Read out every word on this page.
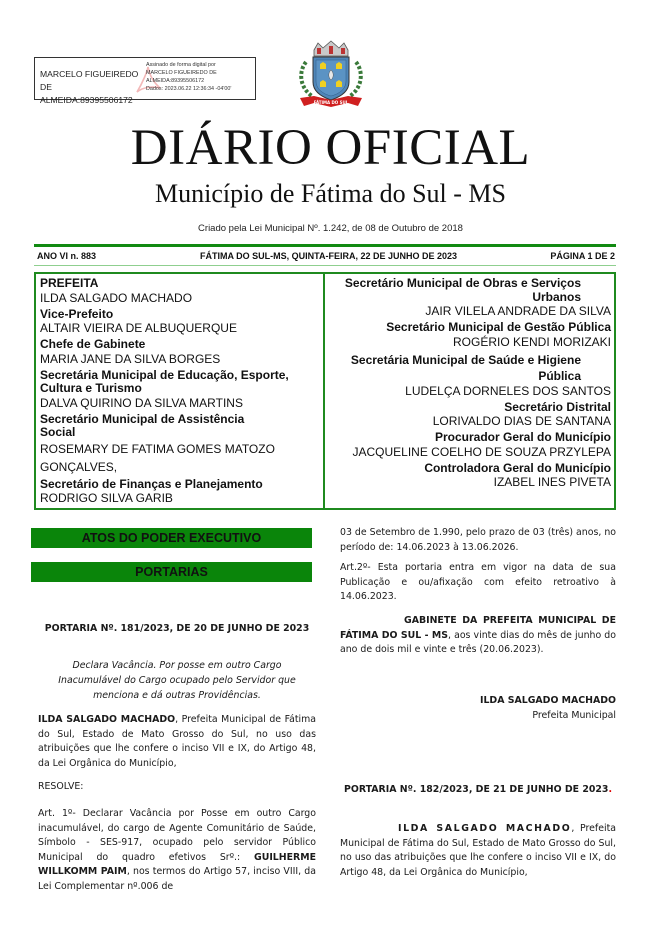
MARCELO FIGUEIREDO DE
ALMEIDA:89395506172
Assinado de forma digital por
MARCELO FIGUEIREDO DE
ALMEIDA:89395506172
Dados: 2023.06.22 12:36:34 -04'00'
FÁTIMA DO SUL
DIÁRIO OFICIAL
Município de Fátima do Sul - MS
Criado pela Lei Municipal Nº. 1.242, de 08 de Outubro de 2018
ANO VI n. 883	FÁTIMA DO SUL-MS, QUINTA-FEIRA, 22 DE JUNHO DE 2023	PÁGINA 1 DE 2
PREFEITA
ILDA SALGADO MACHADO
Vice-Prefeito
ALTAIR VIEIRA DE ALBUQUERQUE
Chefe de Gabinete
MARIA JANE DA SILVA BORGES
Secretária Municipal de Educação, Esporte, Cultura e Turismo
DALVA QUIRINO DA SILVA MARTINS
Secretário Municipal de Assistência Social
ROSEMARY DE FATIMA GOMES MATOZO GONÇALVES,
Secretário de Finanças e Planejamento
RODRIGO SILVA GARIB
Secretário Municipal de Obras e Serviços Urbanos
JAIR VILELA ANDRADE DA SILVA
Secretário Municipal de Gestão Pública
ROGÉRIO KENDI MORIZAKI
Secretária Municipal de Saúde e Higiene Pública
LUDELÇA DORNELES DOS SANTOS
Secretário Distrital
LORIVALDO DIAS DE SANTANA
Procurador Geral do Município
JACQUELINE COELHO DE SOUZA PRZYLEPA
Controladora Geral do Município
IZABEL INES PIVETA
ATOS DO PODER EXECUTIVO
PORTARIAS
PORTARIA Nº. 181/2023, DE 20 DE JUNHO DE 2023
Declara Vacância. Por posse em outro Cargo Inacumulável do Cargo ocupado pelo Servidor que menciona e dá outras Providências.

ILDA SALGADO MACHADO, Prefeita Municipal de Fátima do Sul, Estado de Mato Grosso do Sul, no uso das atribuições que lhe confere o inciso VII e IX, do Artigo 48, da Lei Orgânica do Município,

RESOLVE:

Art. 1º- Declarar Vacância por Posse em outro Cargo inacumulável, do cargo de Agente Comunitário de Saúde, Símbolo - SES-917, ocupado pelo servidor Público Municipal do quadro efetivos Srº.: GUILHERME WILLKOMM PAIM, nos termos do Artigo 57, inciso VIII, da Lei Complementar nº.006 de

03 de Setembro de 1.990, pelo prazo de 03 (três) anos, no período de: 14.06.2023 à 13.06.2026.
Art.2º- Esta portaria entra em vigor na data de sua Publicação e ou/afixação com efeito retroativo à 14.06.2023.

GABINETE DA PREFEITA MUNICIPAL DE FÁTIMA DO SUL - MS, aos vinte dias do mês de junho do ano de dois mil e vinte e três (20.06.2023).

ILDA SALGADO MACHADO
Prefeita Municipal

PORTARIA Nº. 182/2023, DE 21 DE JUNHO DE 2023.

ILDA SALGADO MACHADO, Prefeita Municipal de Fátima do Sul, Estado de Mato Grosso do Sul, no uso das atribuições que lhe confere o inciso VII e IX, do Artigo 48, da Lei Orgânica do Município,
